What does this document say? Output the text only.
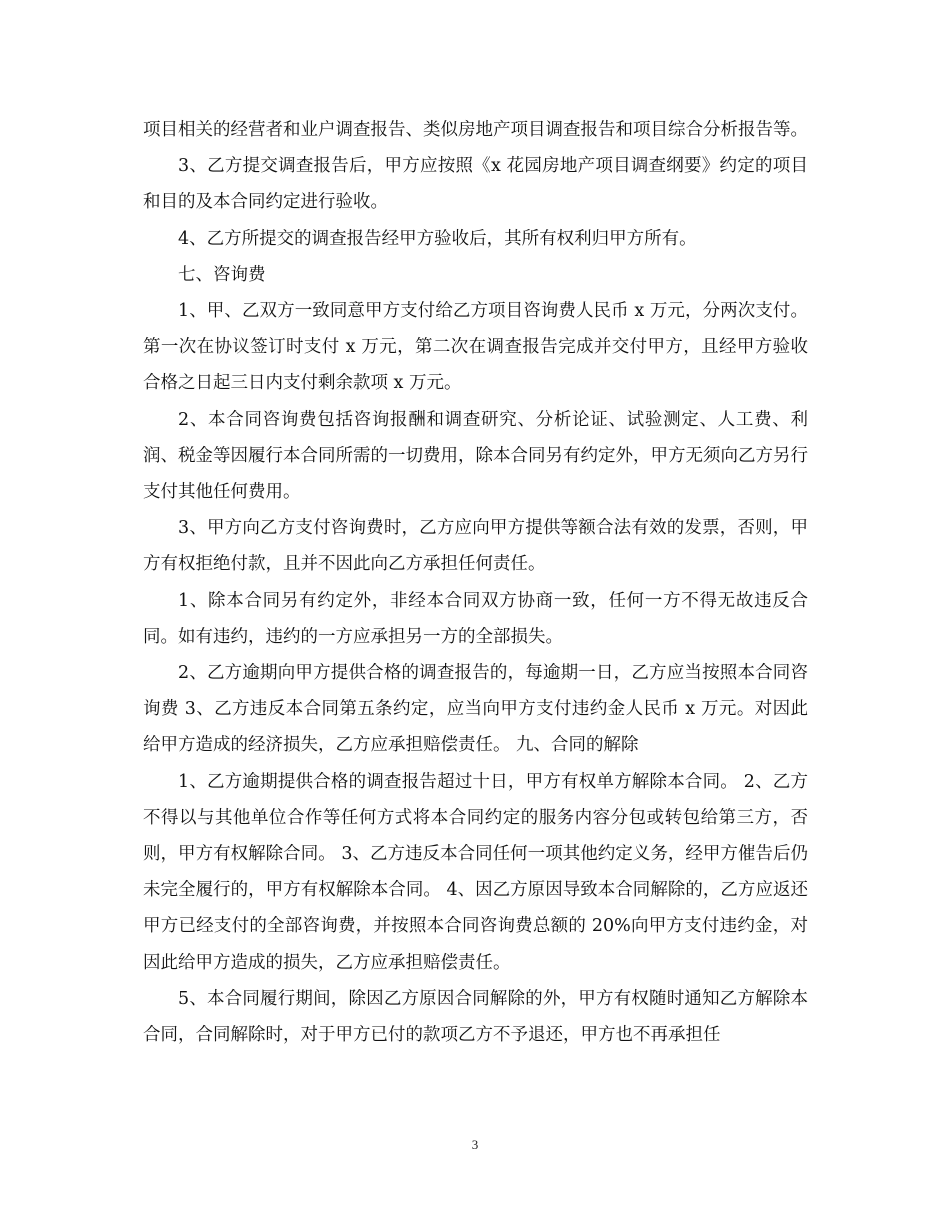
项目相关的经营者和业户调查报告、类似房地产项目调查报告和项目综合分析报告等。

3、乙方提交调查报告后，甲方应按照《x 花园房地产项目调查纲要》约定的项目和目的及本合同约定进行验收。

4、乙方所提交的调查报告经甲方验收后，其所有权利归甲方所有。

七、咨询费

1、甲、乙双方一致同意甲方支付给乙方项目咨询费人民币 x 万元，分两次支付。第一次在协议签订时支付 x 万元，第二次在调查报告完成并交付甲方，且经甲方验收合格之日起三日内支付剩余款项 x 万元。

2、本合同咨询费包括咨询报酬和调查研究、分析论证、试验测定、人工费、利润、税金等因履行本合同所需的一切费用，除本合同另有约定外，甲方无须向乙方另行支付其他任何费用。

3、甲方向乙方支付咨询费时，乙方应向甲方提供等额合法有效的发票，否则，甲方有权拒绝付款，且并不因此向乙方承担任何责任。

1、除本合同另有约定外，非经本合同双方协商一致，任何一方不得无故违反合同。如有违约，违约的一方应承担另一方的全部损失。

2、乙方逾期向甲方提供合格的调查报告的，每逾期一日，乙方应当按照本合同咨询费 3、乙方违反本合同第五条约定，应当向甲方支付违约金人民币 x 万元。对因此给甲方造成的经济损失，乙方应承担赔偿责任。 九、合同的解除

1、乙方逾期提供合格的调查报告超过十日，甲方有权单方解除本合同。 2、乙方不得以与其他单位合作等任何方式将本合同约定的服务内容分包或转包给第三方，否则，甲方有权解除合同。 3、乙方违反本合同任何一项其他约定义务，经甲方催告后仍未完全履行的，甲方有权解除本合同。 4、因乙方原因导致本合同解除的，乙方应返还甲方已经支付的全部咨询费，并按照本合同咨询费总额的 20%向甲方支付违约金，对因此给甲方造成的损失，乙方应承担赔偿责任。

5、本合同履行期间，除因乙方原因合同解除的外，甲方有权随时通知乙方解除本合同，合同解除时，对于甲方已付的款项乙方不予退还，甲方也不再承担任

3
